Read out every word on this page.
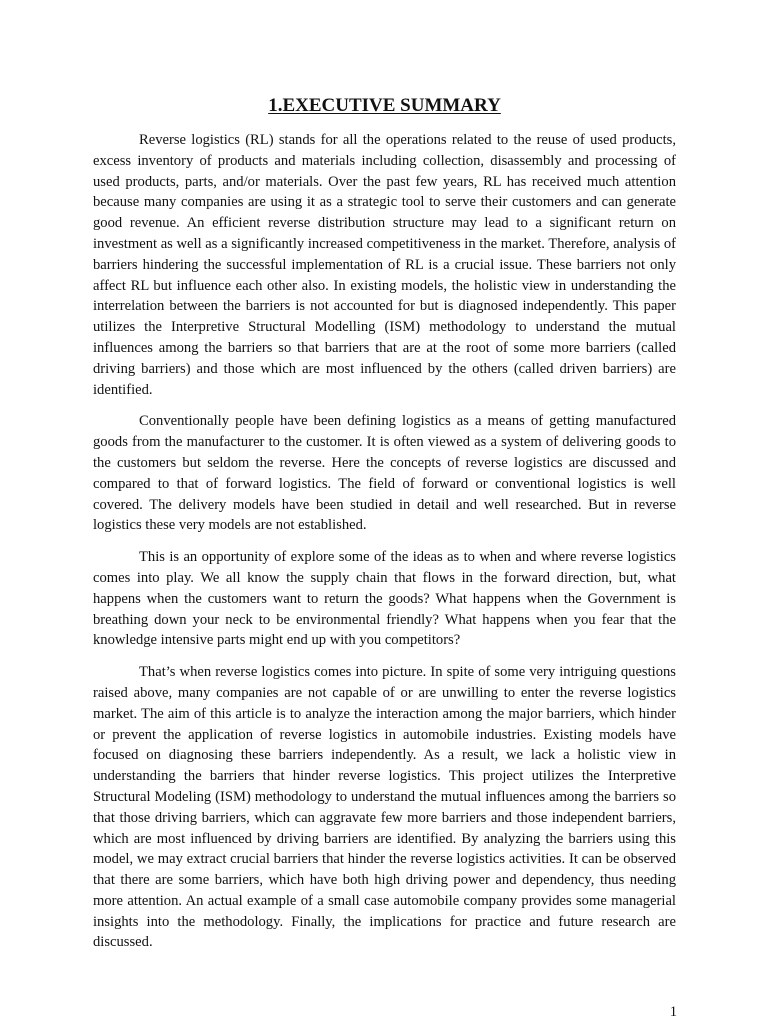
1.EXECUTIVE SUMMARY

Reverse logistics (RL) stands for all the operations related to the reuse of used products, excess inventory of products and materials including collection, disassembly and processing of used products, parts, and/or materials. Over the past few years, RL has received much attention because many companies are using it as a strategic tool to serve their customers and can generate good revenue. An efficient reverse distribution structure may lead to a significant return on investment as well as a significantly increased competitiveness in the market. Therefore, analysis of barriers hindering the successful implementation of RL is a crucial issue. These barriers not only affect RL but influence each other also. In existing models, the holistic view in understanding the interrelation between the barriers is not accounted for but is diagnosed independently. This paper utilizes the Interpretive Structural Modelling (ISM) methodology to understand the mutual influences among the barriers so that barriers that are at the root of some more barriers (called driving barriers) and those which are most influenced by the others (called driven barriers) are identified.

Conventionally people have been defining logistics as a means of getting manufactured goods from the manufacturer to the customer. It is often viewed as a system of delivering goods to the customers but seldom the reverse. Here the concepts of reverse logistics are discussed and compared to that of forward logistics. The field of forward or conventional logistics is well covered. The delivery models have been studied in detail and well researched. But in reverse logistics these very models are not established.

This is an opportunity of explore some of the ideas as to when and where reverse logistics comes into play. We all know the supply chain that flows in the forward direction, but, what happens when the customers want to return the goods? What happens when the Government is breathing down your neck to be environmental friendly? What happens when you fear that the knowledge intensive parts might end up with you competitors?

That’s when reverse logistics comes into picture. In spite of some very intriguing questions raised above, many companies are not capable of or are unwilling to enter the reverse logistics market. The aim of this article is to analyze the interaction among the major barriers, which hinder or prevent the application of reverse logistics in automobile industries. Existing models have focused on diagnosing these barriers independently. As a result, we lack a holistic view in understanding the barriers that hinder reverse logistics. This project utilizes the Interpretive Structural Modeling (ISM) methodology to understand the mutual influences among the barriers so that those driving barriers, which can aggravate few more barriers and those independent barriers, which are most influenced by driving barriers are identified. By analyzing the barriers using this model, we may extract crucial barriers that hinder the reverse logistics activities. It can be observed that there are some barriers, which have both high driving power and dependency, thus needing more attention. An actual example of a small case automobile company provides some managerial insights into the methodology. Finally, the implications for practice and future research are discussed.

1
